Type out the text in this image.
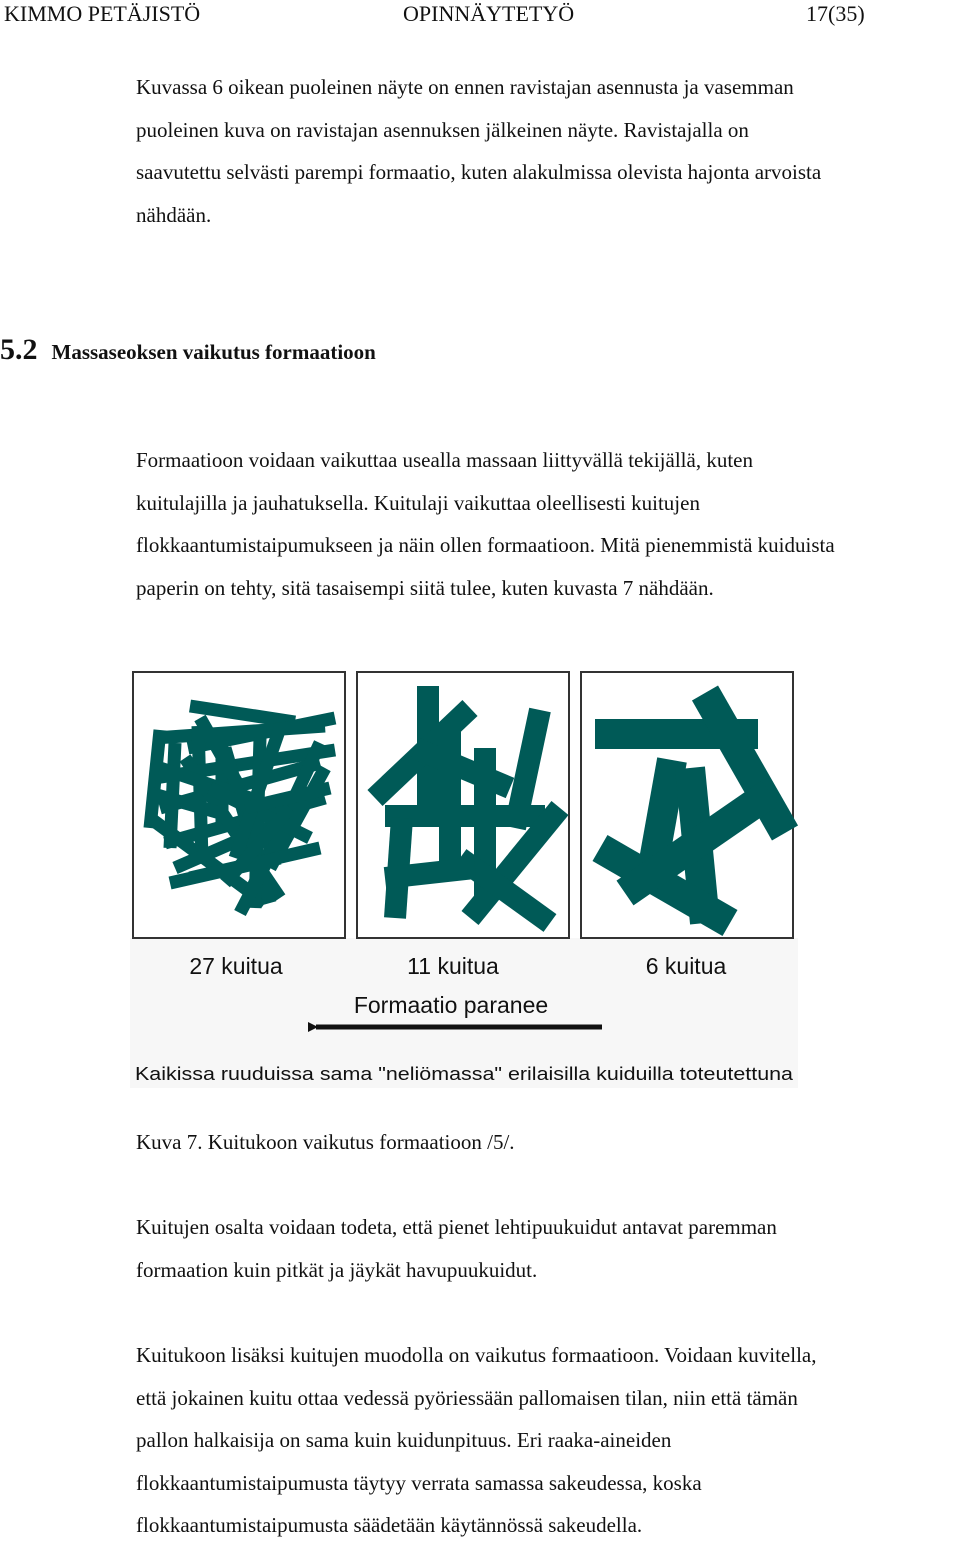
KIMMO PETÄJISTÖ	OPINNÄYTETYÖ	17(35)
Kuvassa 6 oikean puoleinen näyte on ennen ravistajan asennusta ja vasemman
puoleinen kuva on ravistajan asennuksen jälkeinen näyte. Ravistajalla on
saavutettu selvästi parempi formaatio, kuten alakulmissa olevista hajonta arvoista
nähdään.
5.2 Massaseoksen vaikutus formaatioon
Formaatioon voidaan vaikuttaa usealla massaan liittyvällä tekijällä, kuten
kuitulajilla ja jauhatuksella. Kuitulaji vaikuttaa oleellisesti kuitujen
flokkaantumistaipumukseen ja näin ollen formaatioon. Mitä pienemmistä kuiduista
paperin on tehty, sitä tasaisempi siitä tulee, kuten kuvasta 7 nähdään.
27 kuitua	11 kuitua	6 kuitua
Formaatio paranee
Kaikissa ruuduissa sama "neliömassa" erilaisilla kuiduilla toteutettuna
Kuva 7. Kuitukoon vaikutus formaatioon /5/.
Kuitujen osalta voidaan todeta, että pienet lehtipuukuidut antavat paremman
formaation kuin pitkät ja jäykät havupuukuidut.
Kuitukoon lisäksi kuitujen muodolla on vaikutus formaatioon. Voidaan kuvitella,
että jokainen kuitu ottaa vedessä pyöriessään pallomaisen tilan, niin että tämän
pallon halkaisija on sama kuin kuidunpituus. Eri raaka-aineiden
flokkaantumistaipumusta täytyy verrata samassa sakeudessa, koska
flokkaantumistaipumusta säädetään käytännössä sakeudella.
